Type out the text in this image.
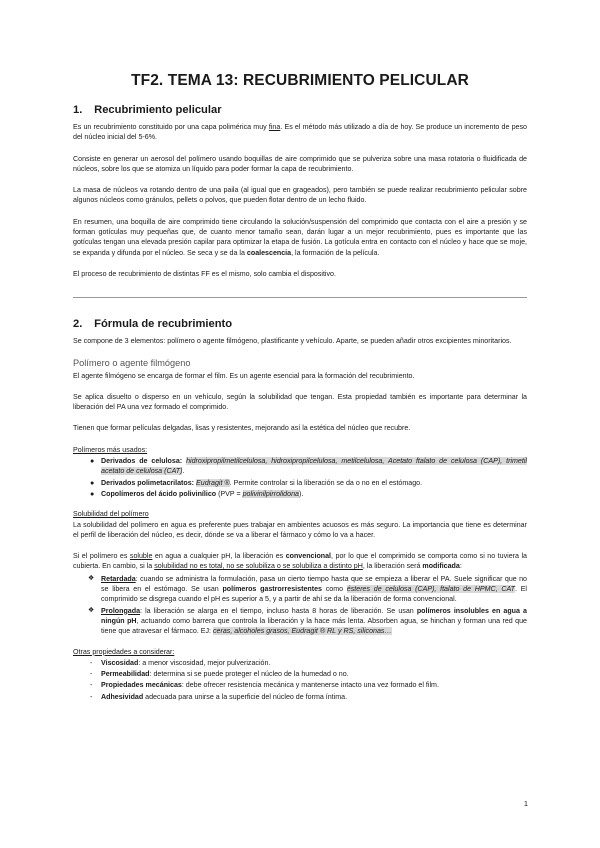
TF2. TEMA 13: RECUBRIMIENTO PELICULAR
1. Recubrimiento pelicular

Es un recubrimiento constituido por una capa polimérica muy fina. Es el método más utilizado a día de hoy. Se produce un incremento de peso del núcleo inicial del 5-6%.

Consiste en generar un aerosol del polímero usando boquillas de aire comprimido que se pulveriza sobre una masa rotatoria o fluidificada de núcleos, sobre los que se atomiza un líquido para poder formar la capa de recubrimiento.

La masa de núcleos va rotando dentro de una paila (al igual que en grageados), pero también se puede realizar recubrimiento pelicular sobre algunos núcleos como gránulos, pellets o polvos, que pueden flotar dentro de un lecho fluido.

En resumen, una boquilla de aire comprimido tiene circulando la solución/suspensión del comprimido que contacta con el aire a presión y se forman gotículas muy pequeñas que, de cuanto menor tamaño sean, darán lugar a un mejor recubrimiento, pues es importante que las gotículas tengan una elevada presión capilar para optimizar la etapa de fusión. La gotícula entra en contacto con el núcleo y hace que se moje, se expanda y difunda por el núcleo. Se seca y se da la coalescencia, la formación de la película.

El proceso de recubrimiento de distintas FF es el mismo, solo cambia el dispositivo.

2. Fórmula de recubrimiento

Se compone de 3 elementos: polímero o agente filmógeno, plastificante y vehículo. Aparte, se pueden añadir otros excipientes minoritarios.

Polímero o agente filmógeno

El agente filmógeno se encarga de formar el film. Es un agente esencial para la formación del recubrimiento.

Se aplica disuelto o disperso en un vehículo, según la solubilidad que tengan. Esta propiedad también es importante para determinar la liberación del PA una vez formado el comprimido.

Tienen que formar películas delgadas, lisas y resistentes, mejorando así la estética del núcleo que recubre.

Polímeros más usados:
● Derivados de celulosa: hidroxipropilmetilcelulosa, hidroxipropilcelulosa, metilcelulosa, Acetato ftalato de celulosa (CAP), trimetil acetato de celulosa (CAT).
● Derivados polimetacrilatos: Eudragit ®. Permite controlar si la liberación se da o no en el estómago.
● Copolímeros del ácido polivinílico (PVP = polivinilpirrolidona).
Solubilidad del polímero

La solubilidad del polímero en agua es preferente pues trabajar en ambientes acuosos es más seguro. La importancia que tiene es determinar el perfil de liberación del núcleo, es decir, dónde se va a liberar el fármaco y cómo lo va a hacer.

Si el polímero es soluble en agua a cualquier pH, la liberación es convencional, por lo que el comprimido se comporta como si no tuviera la cubierta. En cambio, si la solubilidad no es total, no se solubiliza o se solubiliza a distinto pH, la liberación será modificada:

❖ Retardada: cuando se administra la formulación, pasa un cierto tiempo hasta que se empieza a liberar el PA. Suele significar que no se libera en el estómago. Se usan polímeros gastrorresistentes como ésteres de celulosa (CAP), ftalato de HPMC, CAT. El comprimido se disgrega cuando el pH es superior a 5, y a partir de ahí se da la liberación de forma convencional.
❖ Prolongada: la liberación se alarga en el tiempo, incluso hasta 8 horas de liberación. Se usan polímeros insolubles en agua a ningún pH, actuando como barrera que controla la liberación y la hace más lenta. Absorben agua, se hinchan y forman una red que tiene que atravesar el fármaco. EJ: ceras, alcoholes grasos, Eudragit ® RL y RS, siliconas…
Otras propiedades a considerar:
- Viscosidad: a menor viscosidad, mejor pulverización.
- Permeabilidad: determina si se puede proteger el núcleo de la humedad o no.
- Propiedades mecánicas: debe ofrecer resistencia mecánica y mantenerse intacto una vez formado el film.
- Adhesividad adecuada para unirse a la superficie del núcleo de forma íntima.
1
